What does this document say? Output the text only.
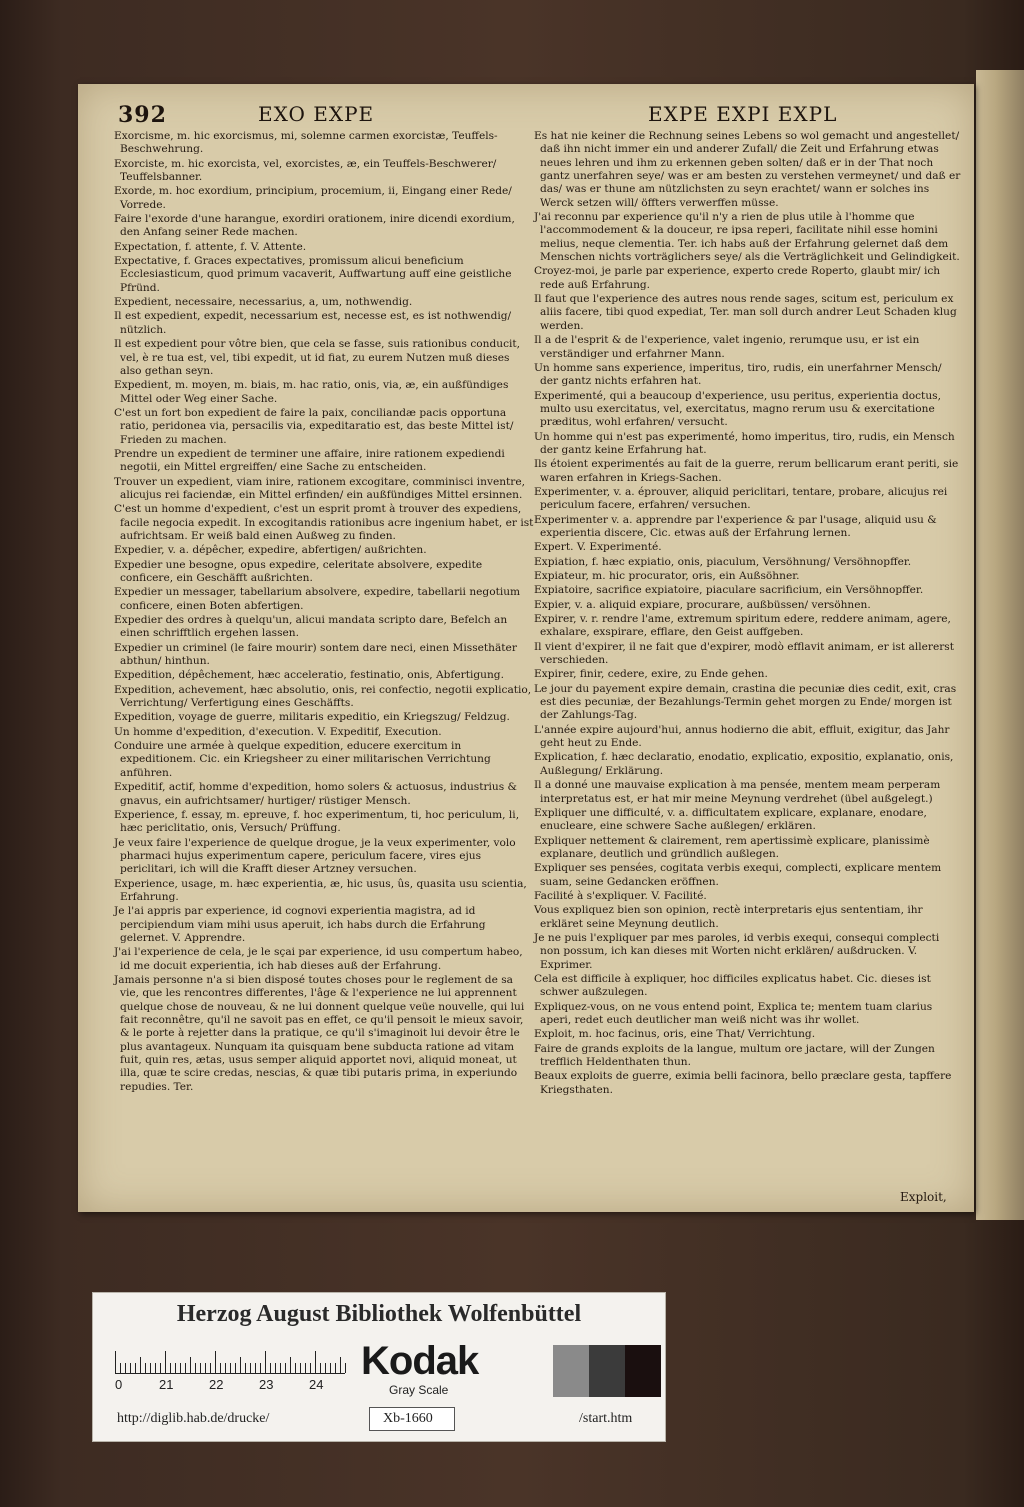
392	EXO EXPE	EXPE EXPI EXPL
Exorcisme, m. hic exorcismus, mi, solemne carmen exorcistæ, Teuffels-Beschwehrung.
Exorciste, m. hic exorcista, vel, exorcistes, æ, ein Teuffels-Beschwerer/ Teuffelsbanner.
Exorde, m. hoc exordium, principium, procemium, ii, Eingang einer Rede/ Vorrede.
Faire l'exorde d'une harangue, exordiri orationem, inire dicendi exordium, den Anfang seiner Rede machen.
Expectation, f. attente, f. V. Attente.
Expectative, f. Graces expectatives, promissum alicui beneficium Ecclesiasticum, quod primum vacaverit, Auffwartung auff eine geistliche Pfründ.
Expedient, necessaire, necessarius, a, um, nothwendig.
Il est expedient, expedit, necessarium est, necesse est, es ist nothwendig/ nützlich.
Il est expedient pour vôtre bien, que cela se fasse, suis rationibus conducit, vel, è re tua est, vel, tibi expedit, ut id fiat, zu eurem Nutzen muß dieses also gethan seyn.
Expedient, m. moyen, m. biais, m. hac ratio, onis, via, æ, ein außfündiges Mittel oder Weg einer Sache.
C'est un fort bon expedient de faire la paix, conciliandæ pacis opportuna ratio, peridonea via, persacilis via, expeditaratio est, das beste Mittel ist/ Frieden zu machen.
Prendre un expedient de terminer une affaire, inire rationem expediendi negotii, ein Mittel ergreiffen/ eine Sache zu entscheiden.
Trouver un expedient, viam inire, rationem excogitare, comminisci inventre, alicujus rei faciendæ, ein Mittel erfinden/ ein außfündiges Mittel ersinnen.
C'est un homme d'expedient, c'est un esprit promt à trouver des expediens, facile negocia expedit. In excogitandis rationibus acre ingenium habet, er ist aufrichtsam. Er weiß bald einen Außweg zu finden.
Expedier, v. a. dépêcher, expedire, abfertigen/ außrichten.
Expedier une besogne, opus expedire, celeritate absolvere, expedite conficere, ein Geschäfft außrichten.
Expedier un messager, tabellarium absolvere, expedire, tabellarii negotium conficere, einen Boten abfertigen.
Expedier des ordres à quelqu'un, alicui mandata scripto dare, Befelch an einen schrifftlich ergehen lassen.
Expedier un criminel (le faire mourir) sontem dare neci, einen Missethäter abthun/ hinthun.
Expedition, dépêchement, hæc acceleratio, festinatio, onis, Abfertigung.
Expedition, achevement, hæc absolutio, onis, rei confectio, negotii explicatio, Verrichtung/ Verfertigung eines Geschäffts.
Expedition, voyage de guerre, militaris expeditio, ein Kriegszug/ Feldzug.
Un homme d'expedition, d'execution. V. Expeditif, Execution.
Conduire une armée à quelque expedition, educere exercitum in expeditionem. Cic. ein Kriegsheer zu einer militarischen Verrichtung anführen.
Expeditif, actif, homme d'expedition, homo solers & actuosus, industrius & gnavus, ein aufrichtsamer/ hurtiger/ rüstiger Mensch.
Experience, f. essay, m. epreuve, f. hoc experimentum, ti, hoc periculum, li, hæc periclitatio, onis, Versuch/ Prüffung.
Je veux faire l'experience de quelque drogue, je la veux experimenter, volo pharmaci hujus experimentum capere, periculum facere, vires ejus periclitari, ich will die Krafft dieser Artzney versuchen.
Experience, usage, m. hæc experientia, æ, hic usus, ûs, quasita usu scientia, Erfahrung.
Je l'ai appris par experience, id cognovi experientia magistra, ad id percipiendum viam mihi usus aperuit, ich habs durch die Erfahrung gelernet. V. Apprendre.
J'ai l'experience de cela, je le sçai par experience, id usu compertum habeo, id me docuit experientia, ich hab dieses auß der Erfahrung.
Jamais personne n'a si bien disposé toutes choses pour le reglement de sa vie, que les rencontres differentes, l'âge & l'experience ne lui apprennent quelque chose de nouveau, & ne lui donnent quelque veüe nouvelle, qui lui fait reconnêtre, qu'il ne savoit pas en effet, ce qu'il pensoit le mieux savoir, & le porte à rejetter dans la pratique, ce qu'il s'imaginoit lui devoir être le plus avantageux. Nunquam ita quisquam bene subducta ratione ad vitam fuit, quin res, ætas, usus semper aliquid apportet novi, aliquid moneat, ut illa, quæ te scire credas, nescias, & quæ tibi putaris prima, in experiundo repudies. Ter.
Es hat nie keiner die Rechnung seines Lebens so wol gemacht und angestellet/ daß ihn nicht immer ein und anderer Zufall/ die Zeit und Erfahrung etwas neues lehren und ihm zu erkennen geben solten/ daß er in der That noch gantz unerfahren seye/ was er am besten zu verstehen vermeynet/ und daß er das/ was er thune am nützlichsten zu seyn erachtet/ wann er solches ins Werck setzen will/ öffters verwerffen müsse.
J'ai reconnu par experience qu'il n'y a rien de plus utile à l'homme que l'accommodement & la douceur, re ipsa reperi, facilitate nihil esse homini melius, neque clementia. Ter. ich habs auß der Erfahrung gelernet daß dem Menschen nichts vorträglichers seye/ als die Verträglichkeit und Gelindigkeit.
Croyez-moi, je parle par experience, experto crede Roperto, glaubt mir/ ich rede auß Erfahrung.
Il faut que l'experience des autres nous rende sages, scitum est, periculum ex aliis facere, tibi quod expediat, Ter. man soll durch andrer Leut Schaden klug werden.
Il a de l'esprit & de l'experience, valet ingenio, rerumque usu, er ist ein verständiger und erfahrner Mann.
Un homme sans experience, imperitus, tiro, rudis, ein unerfahrner Mensch/ der gantz nichts erfahren hat.
Experimenté, qui a beaucoup d'experience, usu peritus, experientia doctus, multo usu exercitatus, vel, exercitatus, magno rerum usu & exercitatione præditus, wohl erfahren/ versucht.
Un homme qui n'est pas experimenté, homo imperitus, tiro, rudis, ein Mensch der gantz keine Erfahrung hat.
Ils étoient experimentés au fait de la guerre, rerum bellicarum erant periti, sie waren erfahren in Kriegs-Sachen.
Experimenter, v. a. éprouver, aliquid periclitari, tentare, probare, alicujus rei periculum facere, erfahren/ versuchen.
Experimenter v. a. apprendre par l'experience & par l'usage, aliquid usu & experientia discere, Cic. etwas auß der Erfahrung lernen.
Expert. V. Experimenté.
Expiation, f. hæc expiatio, onis, piaculum, Versöhnung/ Versöhnopffer.
Expiateur, m. hic procurator, oris, ein Außsöhner.
Expiatoire, sacrifice expiatoire, piaculare sacrificium, ein Versöhnopffer.
Expier, v. a. aliquid expiare, procurare, außbüssen/ versöhnen.
Expirer, v. r. rendre l'ame, extremum spiritum edere, reddere animam, agere, exhalare, exspirare, efflare, den Geist auffgeben.
Il vient d'expirer, il ne fait que d'expirer, modò efflavit animam, er ist allererst verschieden.
Expirer, finir, cedere, exire, zu Ende gehen.
Le jour du payement expire demain, crastina die pecuniæ dies cedit, exit, cras est dies pecuniæ, der Bezahlungs-Termin gehet morgen zu Ende/ morgen ist der Zahlungs-Tag.
L'année expire aujourd'hui, annus hodierno die abit, effluit, exigitur, das Jahr geht heut zu Ende.
Explication, f. hæc declaratio, enodatio, explicatio, expositio, explanatio, onis, Außlegung/ Erklärung.
Il a donné une mauvaise explication à ma pensée, mentem meam perperam interpretatus est, er hat mir meine Meynung verdrehet (übel außgelegt.)
Expliquer une difficulté, v. a. difficultatem explicare, explanare, enodare, enucleare, eine schwere Sache außlegen/ erklären.
Expliquer nettement & clairement, rem apertissimè explicare, planissimè explanare, deutlich und gründlich außlegen.
Expliquer ses pensées, cogitata verbis exequi, complecti, explicare mentem suam, seine Gedancken eröffnen.
Facilité à s'expliquer. V. Facilité.
Vous expliquez bien son opinion, rectè interpretaris ejus sententiam, ihr erkläret seine Meynung deutlich.
Je ne puis l'expliquer par mes paroles, id verbis exequi, consequi complecti non possum, ich kan dieses mit Worten nicht erklären/ außdrucken. V. Exprimer.
Cela est difficile à expliquer, hoc difficiles explicatus habet. Cic. dieses ist schwer außzulegen.
Expliquez-vous, on ne vous entend point, Explica te; mentem tuam clarius aperi, redet euch deutlicher man weiß nicht was ihr wollet.
Exploit, m. hoc facinus, oris, eine That/ Verrichtung.
Faire de grands exploits de la langue, multum ore jactare, will der Zungen trefflich Heldenthaten thun.
Beaux exploits de guerre, eximia belli facinora, bello præclare gesta, tapffere Kriegsthaten.
Exploit,
Herzog August Bibliothek Wolfenbüttel
0	21	22	23	24
Kodak
Gray Scale
http://diglib.hab.de/drucke/	Xb-1660	/start.htm
